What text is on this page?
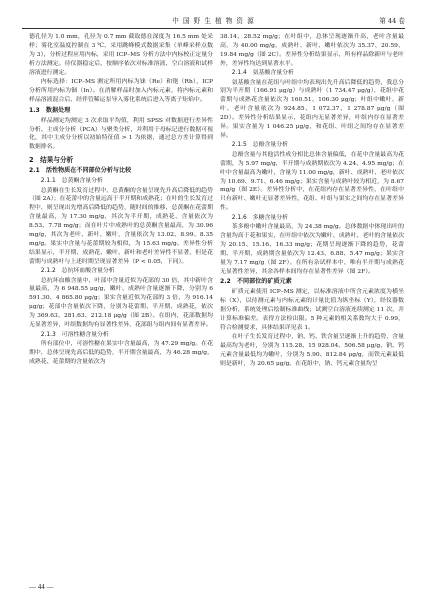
中 国 野 生 植 物 资 源	第 44 卷

德孔径为 1.0 mm，孔径为 0.7 mm 截取德在深度为 16.5 mm 处采样；雾化室温度控制在 3 ℃，采用跳峰模式数据采集（单峰采样点数为 3），分析过程应用内标，采用 ICP–MS 分析方法中内标校正定量分析方法测定。待仪器稳定后，按顺序依次对标准溶液、空白溶液和试样溶液进行测定。

内标选择：ICP–MS 测定所用内标为铼（Re）和铑（Rh），ICP 分析所用内标为铟（In）。在消解样品时加入内标元素，将内标元素和样品溶液混合后，经伴管稀运泵导入雾化系统后进入等离子矩焰中。

1.3　数据处理

样品测定均测定 3 次求取平均值，利用 SPSS 对数据进行差异性分析、主成分分析（PCA）与聚类分析，并利用于母标记进行数据可视化，其中主成分分析以初始特征值 > 1 为依据，通过总方差计算得到数据排名。

2　结果与分析
2.1　活性物质在不同部位分析与比较

2.1.1　总黄酮含量分析

总黄酮在生长发育过程中，总黄酮的含量呈现先升高后降低的趋势（图 2A）；在花蕾中的含量远高于半开期和成熟花；在叶的生长发育过程中，则呈现出先增高后降低的趋势，随时间的推移，总黄酮在花蕾期含量最高，为 17.30 mg/g，其次为半开期，成熟花、含量依次为 8.53、7.78 mg/g；而在叶片中成熟叶的总黄酮含量最高，为 30.96 mg/g，其次为老叶、新叶、嫩叶，含量依次为 13.02、8.99、8.35 mg/g。果实中含量与花蕾期较为相似，为 15.63 mg/g。差异性分析结果显示，半开期、成熟花、嫩叶、新叶和老叶差异性不显著，但是花蕾期与成熟叶与上述时期呈现显著差异（P < 0.05，下同）。

2.1.2　总抗坏血酸含量分析

总抗坏血酸含量中，叶部中含量近似为花部的 30 倍，其中新叶含量最高，为 6 948.55 μg/g，嫩叶、成熟叶含量逐渐下降，分别为 6 591.30、4 865.80 μg/g；果实含量近似为花部的 3 倍，为 916.14 μg/g；花部中含量依次下降，分别为花蕾期、半开期、成熟花，依次为 369.63、281.63、212.18 μg/g（图 2B）。在组内，花部数据均无显著差异，叶组数据均有显著性差异，花部组与组内间有显著差异。

2.1.3　可溶性糖含量分析

所有部位中，可溶性糖在果实中含量最高，为 47.29 mg/g。在花期中，总体呈现先高后低的趋势，半开期含量最高，为 46.28 mg/g，成熟花、花蕾期的含量依次为

38.14、28.52 mg/g；在叶组中，总体呈现逐渐升高，老叶含量最高，为 40.00 mg/g，成熟叶、新叶、嫩叶依次为 35.37、20.59、19.84 mg/g（图 2C）。差异性分析结果显示，所有样品除新叶与老叶外，差异性均达到显著水平。

2.1.4　氨基酸含量分析

氨基酸含量在花组与叶组中均表现出先升高后降低的趋势，我总分别为半开期（166.91 μg/g）与成熟叶（1 734.47 μg/g），花组中花蕾期与成熟花含量依次为 160.51、106.30 μg/g；叶组中嫩叶、新叶、老叶含量依次为 924.85、1 072.37、1 278.87 μg/g（图 2D）。差异性分析结果显示，花组内无显著差异，叶组内存在显著差异。果实含量为 1 046.25 μg/g，和花组、叶组之间均存在显著差异。

2.1.5　总酚含量分析

总酚含量与其他活性成分相比总体含量偏低，在花中含量最高为花蕾期，为 5.97 mg/g，半开期与成熟期依次为 4.24、4.95 mg/g；在叶中含量最高为嫩叶，含量为 11.00 mg/g，新叶、成熟叶、老叶依次为 10.69、9.71、6.46 mg/g；果实含量与成熟叶较为相近，为 8.67 mg/g（图 2E）。差异性分析中，在花组内存在显著差异性，在叶组中只有新叶、嫩叶无显著差异性，花组、叶组与果实之间均存在显著差异性。

2.1.6　多糖含量分析

茶多酚中嫩叶含量最高，为 24.38 mg/g。总体数据中体现出叶的含量均高于花和果实，在叶组中依次为嫩叶、成熟叶、老叶的含量依次为 20.15、15.16、16.33 mg/g；花期呈现逐渐下降的趋势，花蕾期、半开期、成熟期含量依次为 12.43、6.88、5.47 mg/g；果实含量为 7.17 mg/g（图 2F）。在所有杂试样本中，唯有半开期与成熟花无显著性差异，其余各样本间均存在显著性差异（图 2F）。

2.2　不同部位的矿质元素

矿质元素使用 ICP–MS 测定，以标准溶液中所含元素浓度为横坐标（X），以待测元素与内标元素的计量比值为纵坐标（Y），经仪器数据分析，系统处理后绘制标准曲线；试测空白溶液连续测定 11 次，并计算标准偏差。表得方法检出限。5 种元素的相关系数均大于 0.99，符合检测要求，具体结果详见表 1。

在叶子生长发育过程中，钠、钙、铁含量呈逐渐上升的趋势，含量最高均为老叶，分别为 115.28、15 928.04、506.58 μg/g，钠、钙元素含量最低均为嫩叶，分别为 5.90、812.84 μg/g，而铁元素最低则是新叶，为 20.65 μg/g。在花组中，钠、钙元素含量均呈

— 44 —
